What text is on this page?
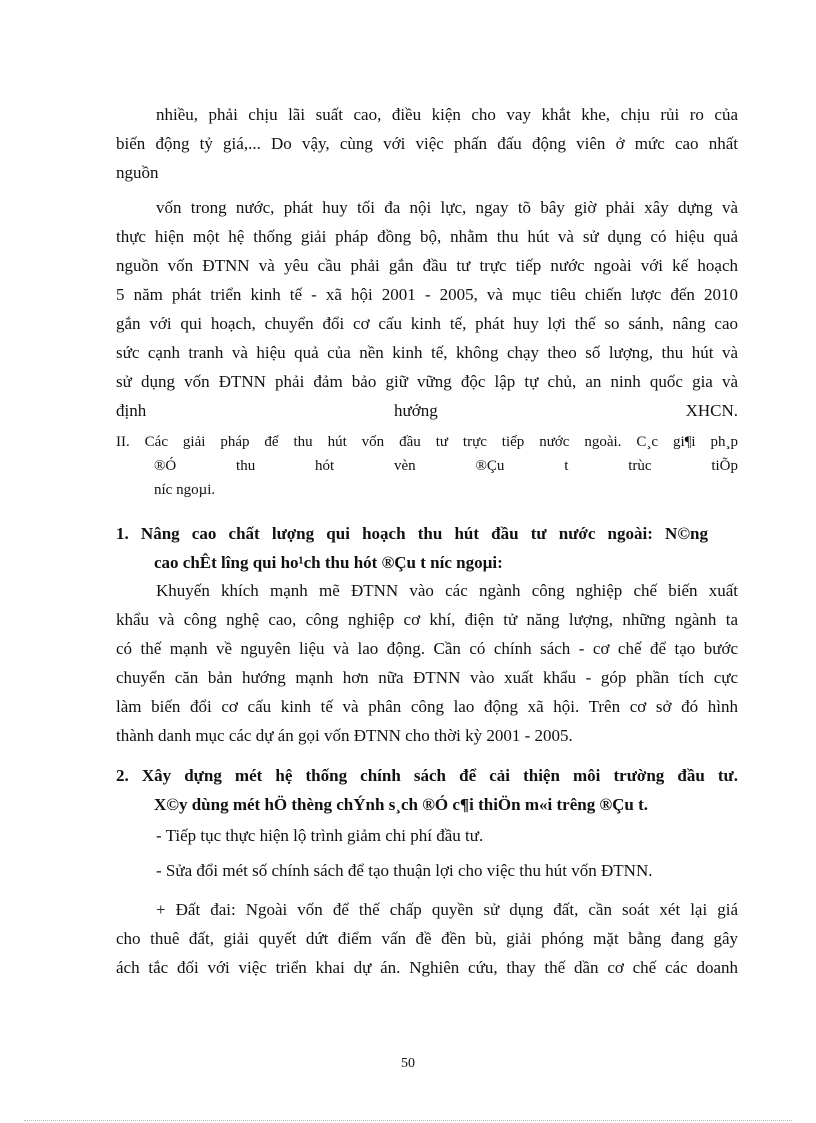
nhiều, phải chịu lãi suất cao, điều kiện cho vay khắt khe, chịu rủi ro của
biến động tỷ giá,... Do vậy, cùng với việc phấn đấu động viên ở mức cao nhất
nguồn
vốn trong nước, phát huy tối đa nội lực, ngay tõ bây giờ phải xây dựng và
thực hiện một hệ thống giải pháp đồng bộ, nhằm thu hút và sử dụng có hiệu quả
nguồn vốn ĐTNN và yêu cầu phải gắn đầu tư trực tiếp nước ngoài với kế hoạch
5 năm phát triển kinh tế - xã hội 2001 - 2005, và mục tiêu chiến lược đến 2010
gắn với qui hoạch, chuyển đổi cơ cấu kinh tế, phát huy lợi thế so sánh, nâng cao
sức cạnh tranh và hiệu quả của nền kinh tế, không chạy theo số lượng, thu hút và
sử dụng vốn ĐTNN phải đảm bảo giữ vững độc lập tự chủ, an ninh quốc gia và
định hướng XHCN.
II. Các giải pháp để thu hút vốn đầu tư trực tiếp nước ngoài. C¸c gi¶i ph¸p
®Ó thu hót vèn ®Çu t trùc tiÕp
níc ngoµi.
1. Nâng cao chất lượng qui hoạch thu hút đầu tư nước ngoài: N©ng
cao chÊt lîng qui ho¹ch thu hót ®Çu t níc ngoµi:
Khuyến khích mạnh mẽ ĐTNN vào các ngành công nghiệp chế biến xuất
khẩu và công nghệ cao, công nghiệp cơ khí, điện tử năng lượng, những ngành ta
có thế mạnh về nguyên liệu và lao động. Cần có chính sách - cơ chế để tạo bước
chuyển căn bản hướng mạnh hơn nữa ĐTNN vào xuất khẩu - góp phần tích cực
làm biến đổi cơ cấu kinh tế và phân công lao động xã hội. Trên cơ sở đó hình
thành danh mục các dự án gọi vốn ĐTNN cho thời kỳ 2001 - 2005.
2. Xây dựng mét hệ thống chính sách để cải thiện môi trường đầu tư.
X©y dùng mét hÖ thèng chÝnh s¸ch ®Ó c¶i thiÖn m«i trêng ®Çu t.
- Tiếp tục thực hiện lộ trình giảm chi phí đầu tư.
- Sửa đổi mét số chính sách để tạo thuận lợi cho việc thu hút vốn ĐTNN.
+ Đất đai: Ngoài vốn để thế chấp quyền sử dụng đất, cần soát xét lại giá
cho thuê đất, giải quyết dứt điểm vấn đề đền bù, giải phóng mặt bằng đang gây
ách tắc đối với việc triển khai dự án. Nghiên cứu, thay thế dần cơ chế các doanh
50
